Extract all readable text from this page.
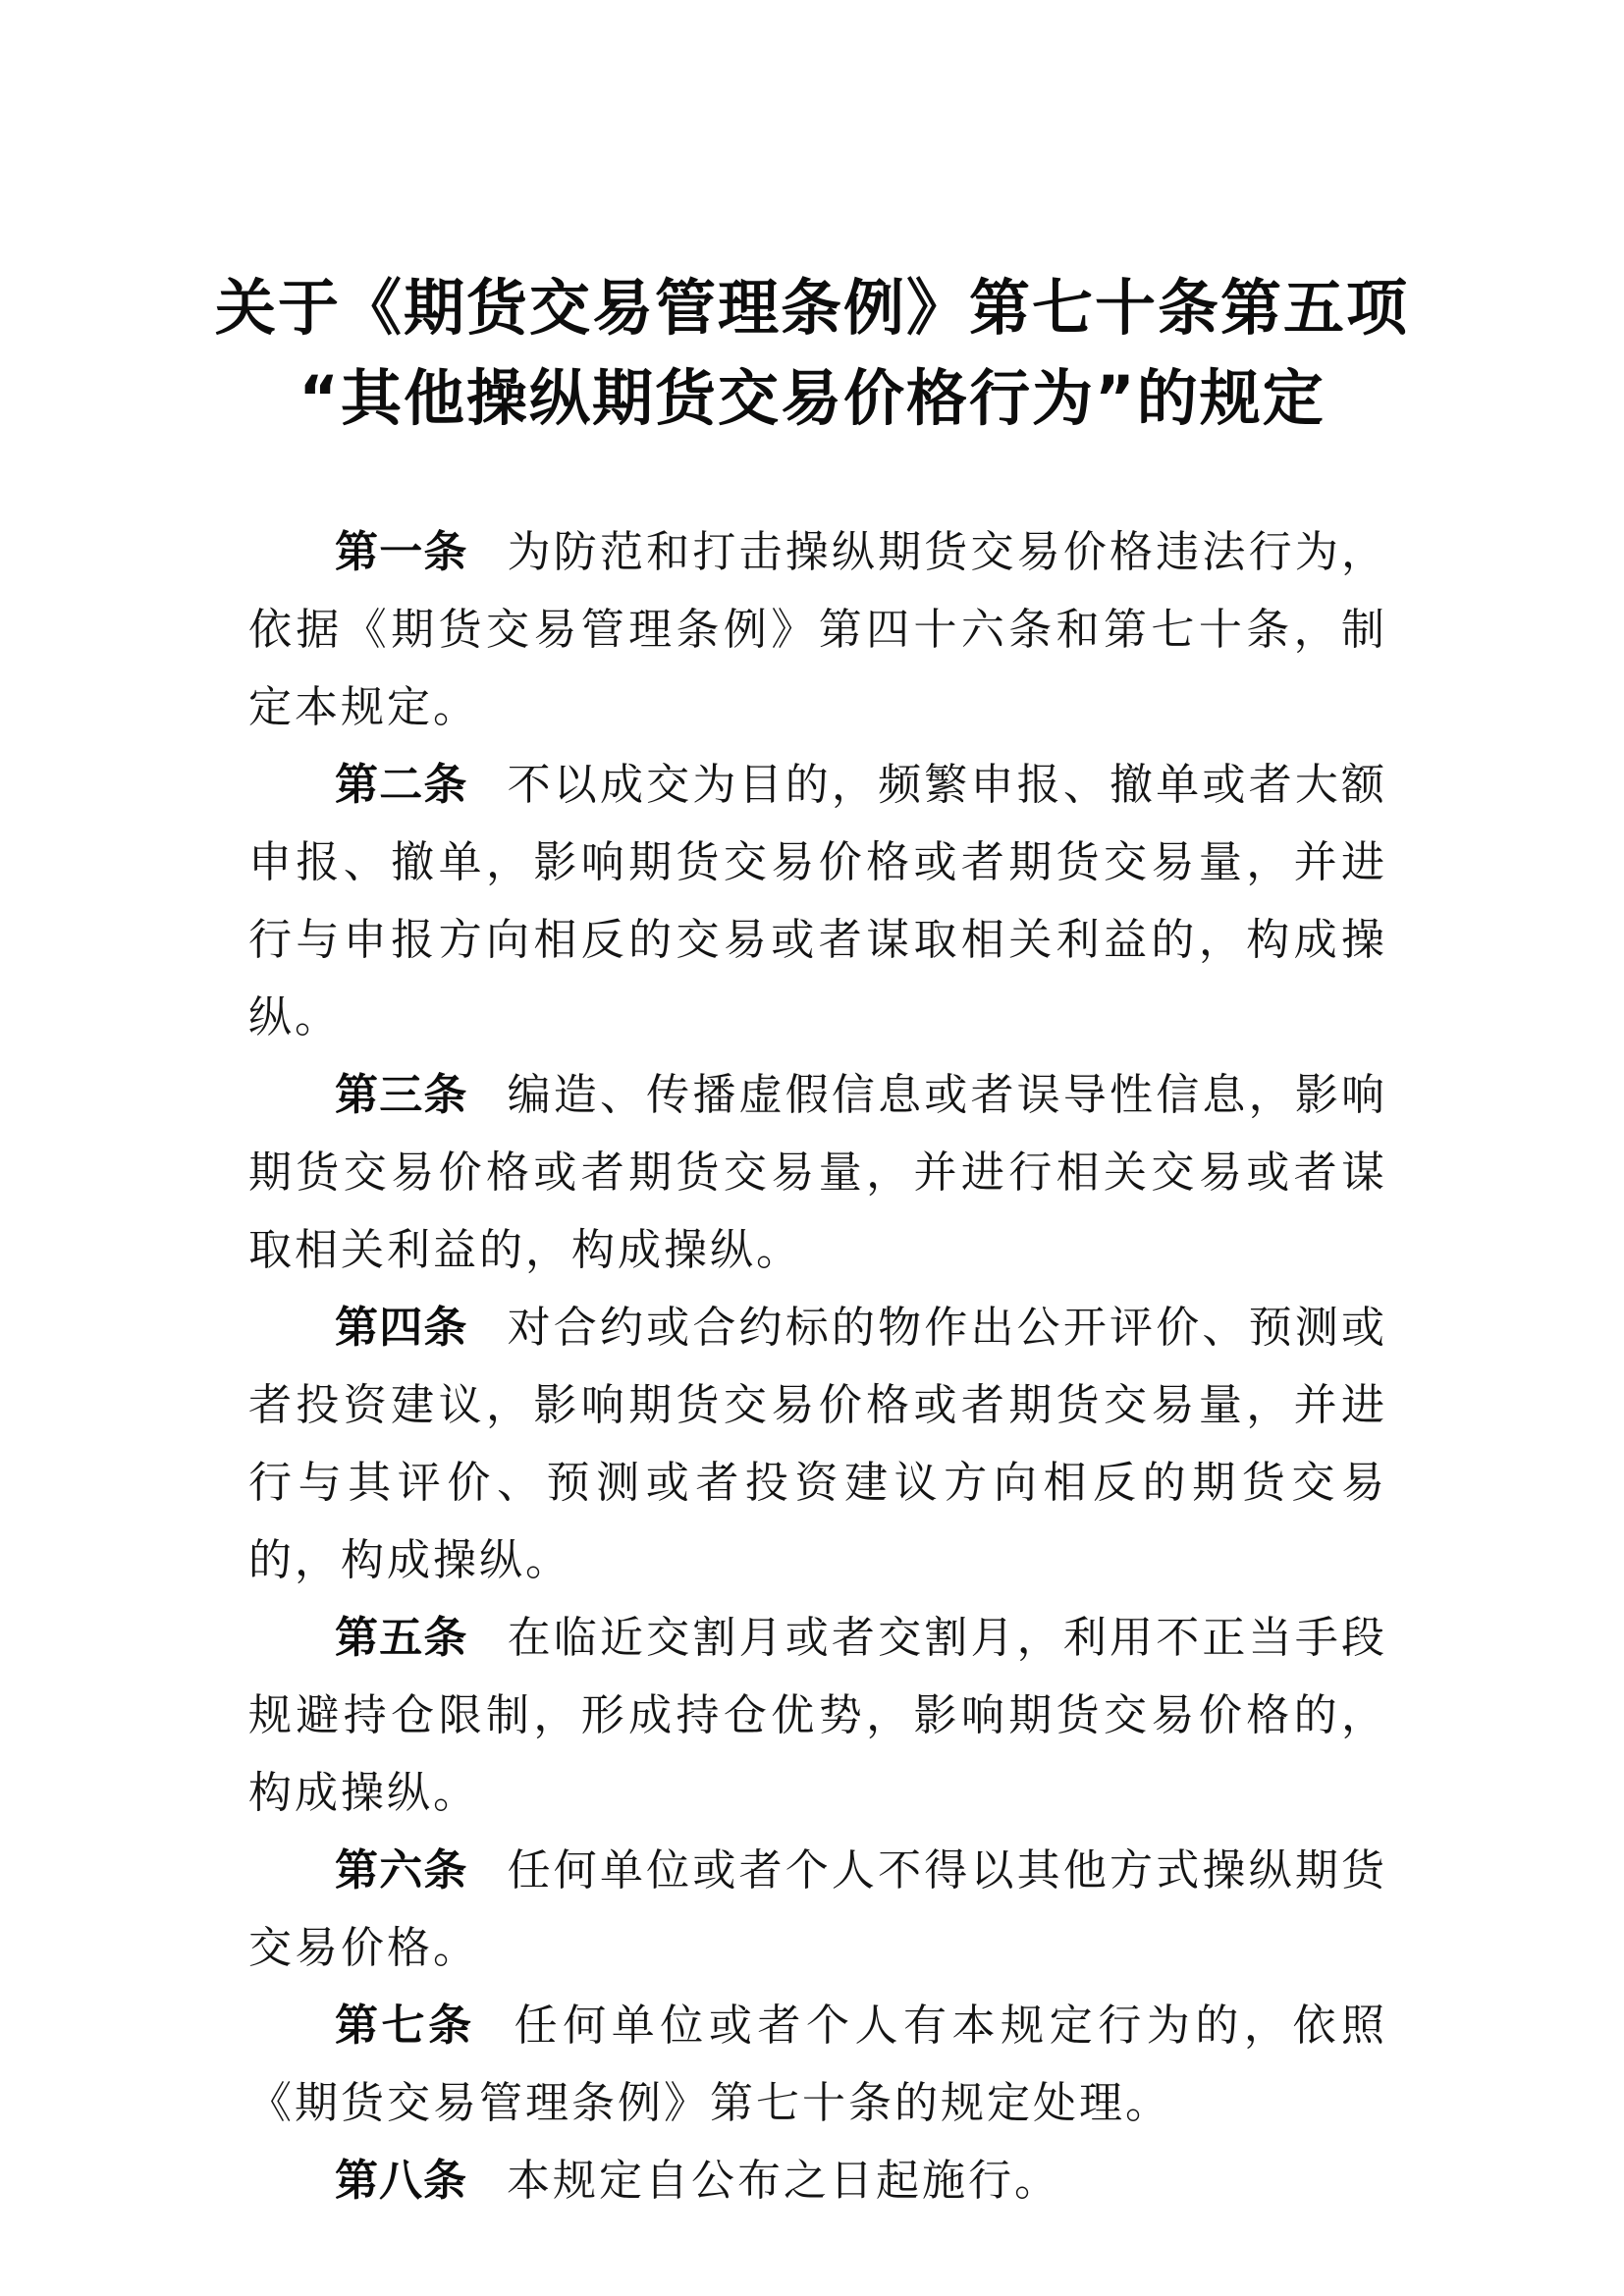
关于《期货交易管理条例》第七十条第五项
“其他操纵期货交易价格行为”的规定

第一条 为防范和打击操纵期货交易价格违法行为，依据《期货交易管理条例》第四十六条和第七十条，制定本规定。

第二条 不以成交为目的，频繁申报、撤单或者大额申报、撤单，影响期货交易价格或者期货交易量，并进行与申报方向相反的交易或者谋取相关利益的，构成操纵。

第三条 编造、传播虚假信息或者误导性信息，影响期货交易价格或者期货交易量，并进行相关交易或者谋取相关利益的，构成操纵。

第四条 对合约或合约标的物作出公开评价、预测或者投资建议，影响期货交易价格或者期货交易量，并进行与其评价、预测或者投资建议方向相反的期货交易的，构成操纵。

第五条 在临近交割月或者交割月，利用不正当手段规避持仓限制，形成持仓优势，影响期货交易价格的，构成操纵。

第六条 任何单位或者个人不得以其他方式操纵期货交易价格。

第七条 任何单位或者个人有本规定行为的，依照《期货交易管理条例》第七十条的规定处理。

第八条 本规定自公布之日起施行。
